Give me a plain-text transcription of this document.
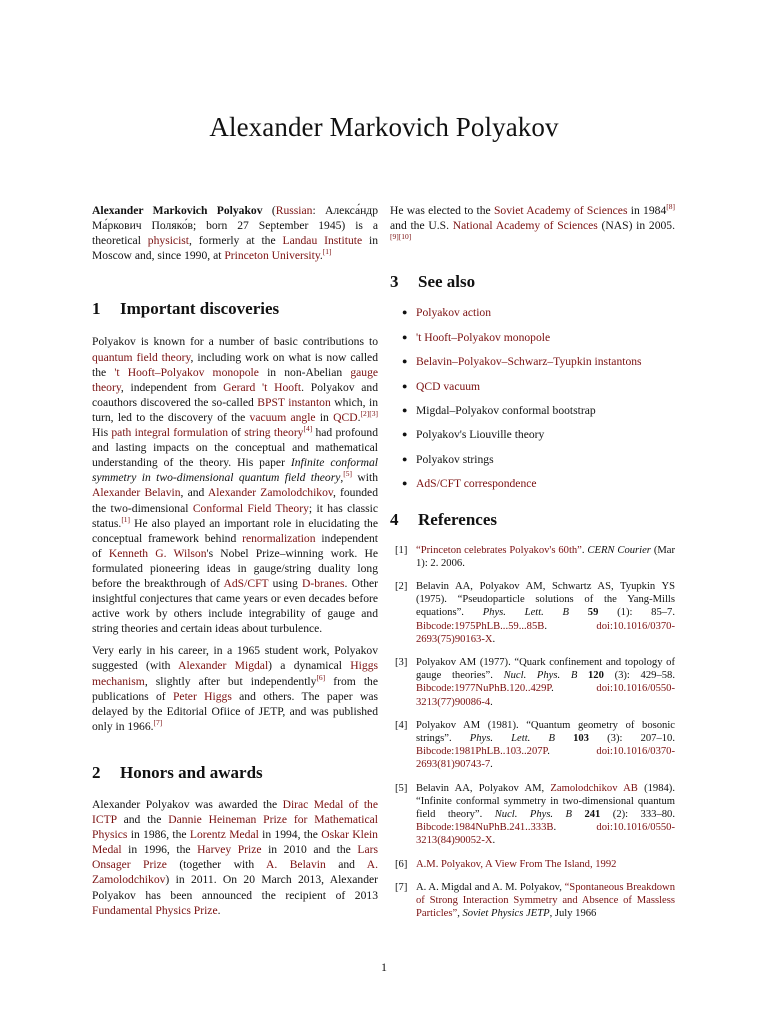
Alexander Markovich Polyakov

Alexander Markovich Polyakov (Russian: Алекса́ндр Ма́ркович Поляко́в; born 27 September 1945) is a theoretical physicist, formerly at the Landau Institute in Moscow and, since 1990, at Princeton University.[1]

1	Important discoveries

Polyakov is known for a number of basic contributions to quantum field theory, including work on what is now called the 't Hooft–Polyakov monopole in non-Abelian gauge theory, independent from Gerard 't Hooft. Polyakov and coauthors discovered the so-called BPST instanton which, in turn, led to the discovery of the vacuum angle in QCD.[2][3] His path integral formulation of string theory[4] had profound and lasting impacts on the conceptual and mathematical understanding of the theory. His paper Infinite conformal symmetry in two-dimensional quantum field theory,[5] with Alexander Belavin, and Alexander Zamolodchikov, founded the two-dimensional Conformal Field Theory; it has classic status.[1] He also played an important role in elucidating the conceptual framework behind renormalization independent of Kenneth G. Wilson's Nobel Prize–winning work. He formulated pioneering ideas in gauge/string duality long before the breakthrough of AdS/CFT using D-branes. Other insightful conjectures that came years or even decades before active work by others include integrability of gauge and string theories and certain ideas about turbulence.

Very early in his career, in a 1965 student work, Polyakov suggested (with Alexander Migdal) a dynamical Higgs mechanism, slightly after but independently[6] from the publications of Peter Higgs and others. The paper was delayed by the Editorial Ofiice of JETP, and was published only in 1966.[7]

2	Honors and awards

Alexander Polyakov was awarded the Dirac Medal of the ICTP and the Dannie Heineman Prize for Mathematical Physics in 1986, the Lorentz Medal in 1994, the Oskar Klein Medal in 1996, the Harvey Prize in 2010 and the Lars Onsager Prize (together with A. Belavin and A. Zamolodchikov) in 2011. On 20 March 2013, Alexander Polyakov has been announced the recipient of 2013 Fundamental Physics Prize.

He was elected to the Soviet Academy of Sciences in 1984[8] and the U.S. National Academy of Sciences (NAS) in 2005.[9][10]

3	See also
● Polyakov action
● 't Hooft–Polyakov monopole
● Belavin–Polyakov–Schwarz–Tyupkin instantons
● QCD vacuum
● Migdal–Polyakov conformal bootstrap
● Polyakov's Liouville theory
● Polyakov strings
● AdS/CFT correspondence
4	References
[1] “Princeton celebrates Polyakov's 60th”. CERN Courier (Mar 1): 2. 2006.
[2] Belavin AA, Polyakov AM, Schwartz AS, Tyupkin YS (1975). “Pseudoparticle solutions of the Yang-Mills equations”. Phys. Lett. B 59 (1): 85–7. Bibcode:1975PhLB...59...85B. doi:10.1016/0370-2693(75)90163-X.
[3] Polyakov AM (1977). “Quark confinement and topology of gauge theories”. Nucl. Phys. B 120 (3): 429–58. Bibcode:1977NuPhB.120..429P. doi:10.1016/0550-3213(77)90086-4.
[4] Polyakov AM (1981). “Quantum geometry of bosonic strings”. Phys. Lett. B 103 (3): 207–10. Bibcode:1981PhLB..103..207P. doi:10.1016/0370-2693(81)90743-7.
[5] Belavin AA, Polyakov AM, Zamolodchikov AB (1984). “Infinite conformal symmetry in two-dimensional quantum field theory”. Nucl. Phys. B 241 (2): 333–80. Bibcode:1984NuPhB.241..333B. doi:10.1016/0550-3213(84)90052-X.
[6] A.M. Polyakov, A View From The Island, 1992
[7] A. A. Migdal and A. M. Polyakov, “Spontaneous Breakdown of Strong Interaction Symmetry and Absence of Massless Particles”, Soviet Physics JETP, July 1966
1
